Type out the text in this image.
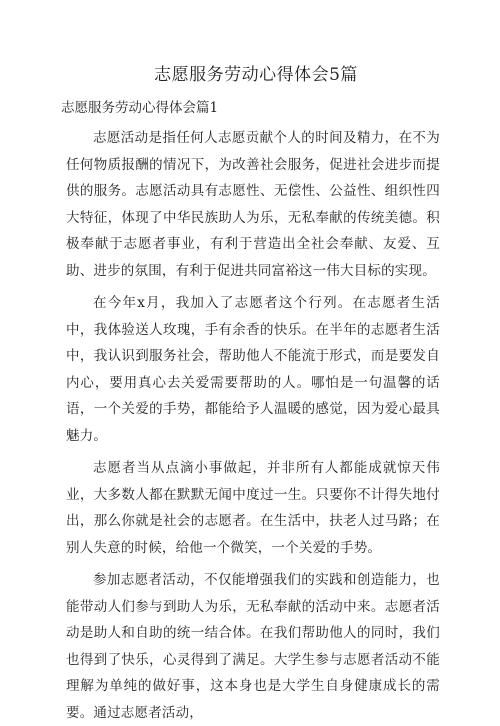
志愿服务劳动心得体会5篇
志愿服务劳动心得体会篇1

志愿活动是指任何人志愿贡献个人的时间及精力，在不为任何物质报酬的情况下，为改善社会服务，促进社会进步而提供的服务。志愿活动具有志愿性、无偿性、公益性、组织性四大特征，体现了中华民族助人为乐，无私奉献的传统美德。积极奉献于志愿者事业，有利于营造出全社会奉献、友爱、互助、进步的氛围，有利于促进共同富裕这一伟大目标的实现。

在今年x月，我加入了志愿者这个行列。在志愿者生活中，我体验送人玫瑰，手有余香的快乐。在半年的志愿者生活中，我认识到服务社会，帮助他人不能流于形式，而是要发自内心，要用真心去关爱需要帮助的人。哪怕是一句温馨的话语，一个关爱的手势，都能给予人温暖的感觉，因为爱心最具魅力。

志愿者当从点滴小事做起，并非所有人都能成就惊天伟业，大多数人都在默默无闻中度过一生。只要你不计得失地付出，那么你就是社会的志愿者。在生活中，扶老人过马路；在别人失意的时候，给他一个微笑，一个关爱的手势。

参加志愿者活动，不仅能增强我们的实践和创造能力，也能带动人们参与到助人为乐，无私奉献的活动中来。志愿者活动是助人和自助的统一结合体。在我们帮助他人的同时，我们也得到了快乐，心灵得到了满足。大学生参与志愿者活动不能理解为单纯的做好事，这本身也是大学生自身健康成长的需要。通过志愿者活动，
